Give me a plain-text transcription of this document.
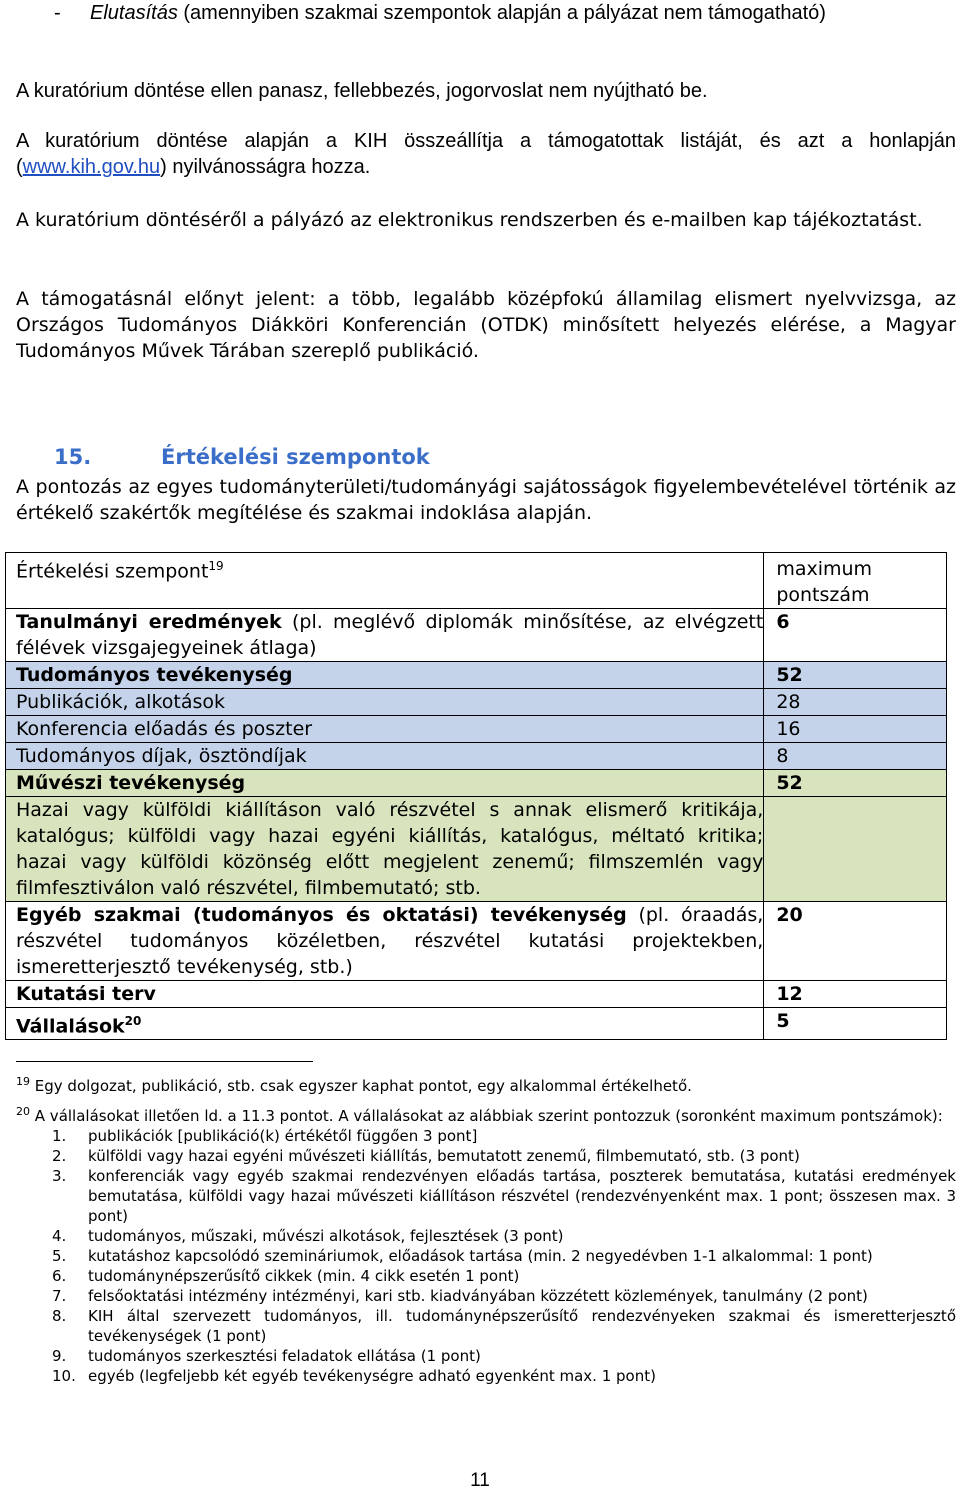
-	Elutasítás (amennyiben szakmai szempontok alapján a pályázat nem támogatható)

A kuratórium döntése ellen panasz, fellebbezés, jogorvoslat nem nyújtható be.

A kuratórium döntése alapján a KIH összeállítja a támogatottak listáját, és azt a honlapján (www.kih.gov.hu) nyilvánosságra hozza.

A kuratórium döntéséről a pályázó az elektronikus rendszerben és e-mailben kap tájékoztatást.

A támogatásnál előnyt jelent: a több, legalább középfokú államilag elismert nyelvvizsga, az Országos Tudományos Diákköri Konferencián (OTDK) minősített helyezés elérése, a Magyar Tudományos Művek Tárában szereplő publikáció.

15.	Értékelési szempontok

A pontozás az egyes tudományterületi/tudományági sajátosságok figyelembevételével történik az értékelő szakértők megítélése és szakmai indoklása alapján.

Értékelési szempont$^{19}$	maximum pontszám
Tanulmányi eredmények (pl. meglévő diplomák minősítése, az elvégzett félévek vizsgajegyeinek átlaga)	6
Tudományos tevékenység	52
Publikációk, alkotások	28
Konferencia előadás és poszter	16
Tudományos díjak, ösztöndíjak	8
Művészi tevékenység	52
Hazai vagy külföldi kiállításon való részvétel s annak elismerő kritikája, katalógus; külföldi vagy hazai egyéni kiállítás, katalógus, méltató kritika; hazai vagy külföldi közönség előtt megjelent zenemű; filmszemlén vagy filmfesztiválon való részvétel, filmbemutató; stb.	
Egyéb szakmai (tudományos és oktatási) tevékenység (pl. óraadás, részvétel tudományos közéletben, részvétel kutatási projektekben, ismeretterjesztő tevékenység, stb.)	20
Kutatási terv	12
Vállalások$^{20}$	5

$^{19}$ Egy dolgozat, publikáció, stb. csak egyszer kaphat pontot, egy alkalommal értékelhető.

$^{20}$ A vállalásokat illetően ld. a 11.3 pontot. A vállalásokat az alábbiak szerint pontozzuk (soronként maximum pontszámok):

1.	publikációk [publikáció(k) értékétől függően 3 pont]
2.	külföldi vagy hazai egyéni művészeti kiállítás, bemutatott zenemű, filmbemutató, stb. (3 pont)
3.	konferenciák vagy egyéb szakmai rendezvényen előadás tartása, poszterek bemutatása, kutatási eredmények bemutatása, külföldi vagy hazai művészeti kiállításon részvétel (rendezvényenként max. 1 pont; összesen max. 3 pont)
4.	tudományos, műszaki, művészi alkotások, fejlesztések (3 pont)
5.	kutatáshoz kapcsolódó szemináriumok, előadások tartása (min. 2 negyedévben 1-1 alkalommal: 1 pont)
6.	tudománynépszerűsítő cikkek (min. 4 cikk esetén 1 pont)
7.	felsőoktatási intézmény intézményi, kari stb. kiadványában közzétett közlemények, tanulmány (2 pont)
8.	KIH által szervezett tudományos, ill. tudománynépszerűsítő rendezvényeken szakmai és ismeretterjesztő tevékenységek (1 pont)
9.	tudományos szerkesztési feladatok ellátása (1 pont)
10. egyéb (legfeljebb két egyéb tevékenységre adható egyenként max. 1 pont)
11
